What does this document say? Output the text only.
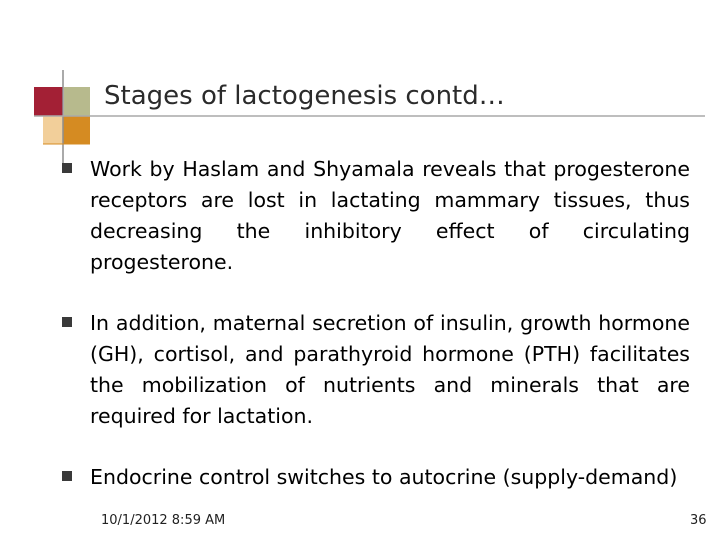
Stages of lactogenesis contd…
Work by Haslam and Shyamala reveals that progesterone receptors are lost in lactating mammary tissues, thus decreasing the inhibitory effect of circulating progesterone.
In addition, maternal secretion of insulin, growth hormone (GH), cortisol, and parathyroid hormone (PTH) facilitates the mobilization of nutrients and minerals that are required for lactation.
Endocrine control switches to autocrine (supply-demand)
10/1/2012 8:59 AM	36
